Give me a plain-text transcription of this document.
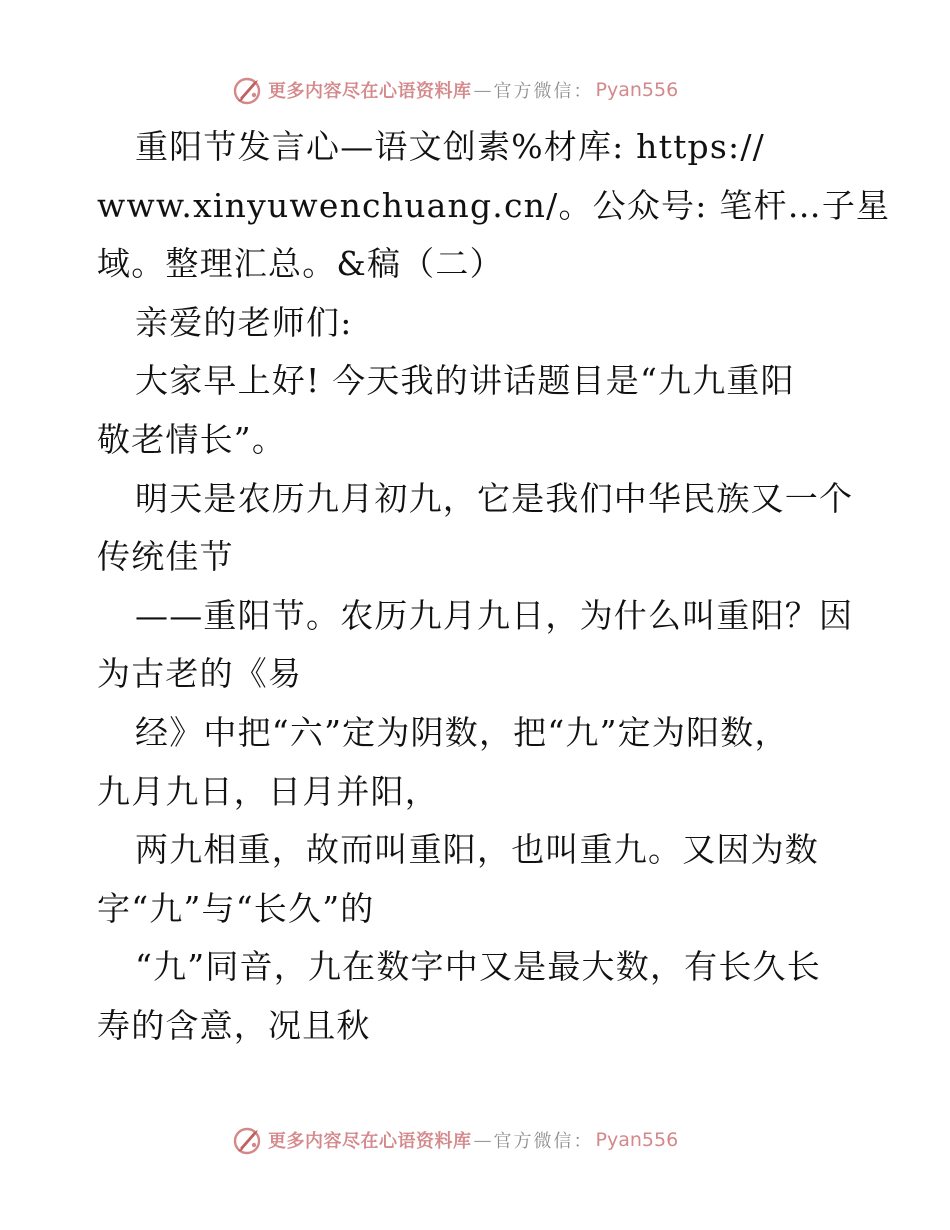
更多内容尽在心语资料库 — 官方微信： Pyan556
重阳节发言心—语文创素%材库: https://
www.xinyuwenchuang.cn/。公众号: 笔杆…子星
域。整理汇总。&稿（二）
亲爱的老师们:
大家早上好! 今天我的讲话题目是“九九重阳
敬老情长”。
明天是农历九月初九，它是我们中华民族又一个
传统佳节
——重阳节。农历九月九日，为什么叫重阳？因
为古老的《易
经》中把“六”定为阴数，把“九”定为阳数，
九月九日，日月并阳，
两九相重，故而叫重阳，也叫重九。又因为数
字“九”与“长久”的
“九”同音，九在数字中又是最大数，有长久长
寿的含意，况且秋
更多内容尽在心语资料库 — 官方微信： Pyan556
